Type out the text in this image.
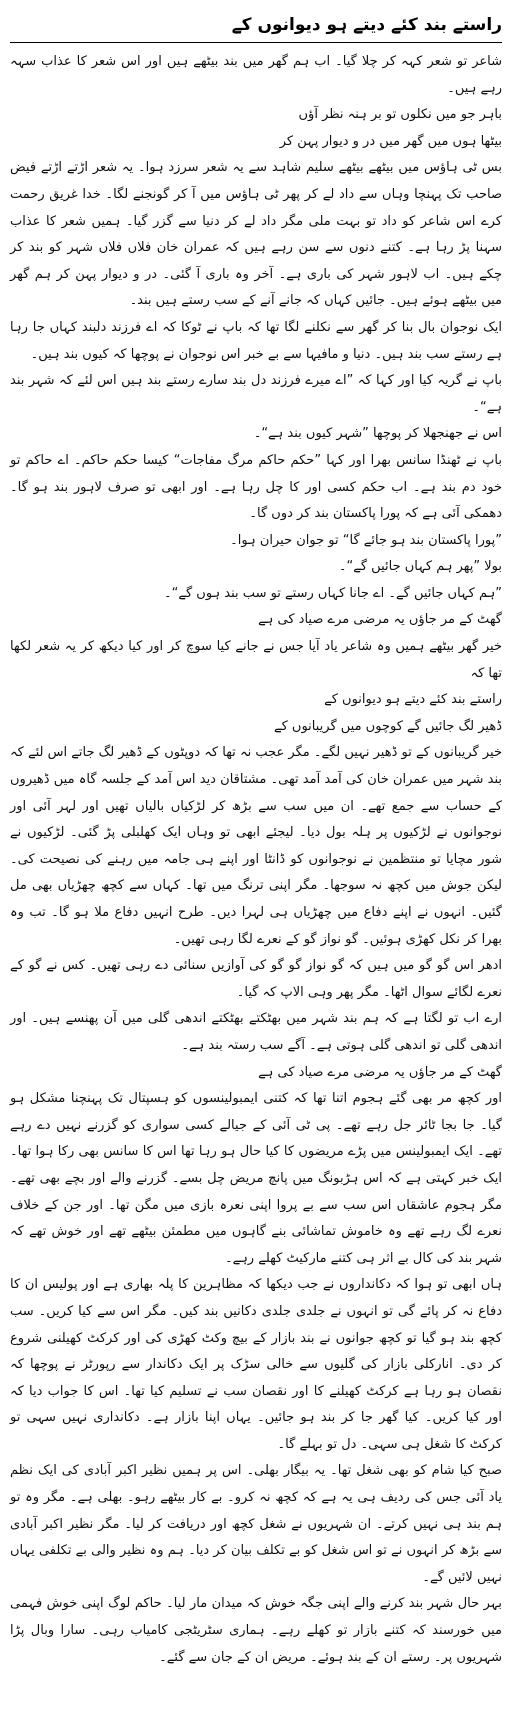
راستے بند کئے دیتے ہو دیوانوں کے

شاعر تو شعر کہہ کر چلا گیا۔ اب ہم گھر میں بند بیٹھے ہیں اور اس شعر کا عذاب سہہ رہے ہیں۔

باہر جو میں نکلوں تو بر ہنہ نظر آؤں

بیٹھا ہوں میں گھر میں در و دیوار پہن کر

بس ٹی ہاؤس میں بیٹھے بیٹھے سلیم شاہد سے یہ شعر سرزد ہوا۔ یہ شعر اڑتے اڑتے فیض صاحب تک پہنچا وہاں سے داد لے کر پھر ٹی ہاؤس میں آ کر گونجنے لگا۔ خدا غریق رحمت کرے اس شاعر کو داد تو بہت ملی مگر داد لے کر دنیا سے گزر گیا۔ ہمیں شعر کا عذاب سہنا پڑ رہا ہے۔ کتنے دنوں سے سن رہے ہیں کہ عمران خان فلاں فلاں شہر کو بند کر چکے ہیں۔ اب لاہور شہر کی باری ہے۔ آخر وہ باری آ گئی۔ در و دیوار پہن کر ہم گھر میں بیٹھے ہوئے ہیں۔ جائیں کہاں کہ جانے آنے کے سب رستے ہیں بند۔

ایک نوجوان بال بنا کر گھر سے نکلنے لگا تھا کہ باپ نے ٹوکا کہ اے فرزند دلبند کہاں جا رہا ہے رستے سب بند ہیں۔ دنیا و مافیہا سے بے خبر اس نوجوان نے پوچھا کہ کیوں بند ہیں۔

باپ نے گریہ کیا اور کہا کہ ”اے میرے فرزند دل بند سارے رستے بند ہیں اس لئے کہ شہر بند ہے“۔

اس نے جھنجھلا کر پوچھا ”شہر کیوں بند ہے“۔

باپ نے ٹھنڈا سانس بھرا اور کہا ”حکم حاکم مرگ مفاجات“ کیسا حکم حاکم۔ اے حاکم تو خود دم بند ہے۔ اب حکم کسی اور کا چل رہا ہے۔ اور ابھی تو صرف لاہور بند ہو گا۔ دھمکی آئی ہے کہ پورا پاکستان بند کر دوں گا۔

”پورا پاکستان بند ہو جائے گا“ تو جوان حیران ہوا۔

بولا ”پھر ہم کہاں جائیں گے“۔

”ہم کہاں جائیں گے۔ اے جانا کہاں رستے تو سب بند ہوں گے“۔

گھٹ کے مر جاؤں یہ مرضی مرے صیاد کی ہے

خیر گھر بیٹھے ہمیں وہ شاعر یاد آیا جس نے جانے کیا سوچ کر اور کیا دیکھ کر یہ شعر لکھا تھا کہ

راستے بند کئے دیتے ہو دیوانوں کے

ڈھیر لگ جائیں گے کوچوں میں گریبانوں کے

خیر گریبانوں کے تو ڈھیر نہیں لگے۔ مگر عجب نہ تھا کہ دوپٹوں کے ڈھیر لگ جاتے اس لئے کہ بند شہر میں عمران خان کی آمد آمد تھی۔ مشتاقان دید اس آمد کے جلسہ گاہ میں ڈھیروں کے حساب سے جمع تھے۔ ان میں سب سے بڑھ کر لڑکیاں بالیاں تھیں اور لہر آئی اور نوجوانوں نے لڑکیوں پر ہلہ بول دیا۔ لیجئے ابھی تو وہاں ایک کھلبلی پڑ گئی۔ لڑکیوں نے شور مچایا تو منتظمین نے نوجوانوں کو ڈانٹا اور اپنے ہی جامہ میں رہنے کی نصیحت کی۔ لیکن جوش میں کچھ نہ سوجھا۔ مگر اپنی ترنگ میں تھا۔ کہاں سے کچھ چھڑیاں بھی مل گئیں۔ انہوں نے اپنے دفاع میں چھڑیاں ہی لہرا دیں۔ طرح انہیں دفاع ملا ہو گا۔ تب وہ بھرا کر نکل کھڑی ہوئیں۔ گو نواز گو کے نعرے لگا رہی تھیں۔

ادھر اس گو گو میں ہیں کہ گو نواز گو گو کی آوازیں سنائی دے رہی تھیں۔ کس نے گو کے نعرے لگائے سوال اٹھا۔ مگر پھر وہی الاپ کہ گیا۔

ارے اب تو لگتا ہے کہ ہم بند شہر میں بھٹکتے بھٹکتے اندھی گلی میں آن پھنسے ہیں۔ اور اندھی گلی تو اندھی گلی ہوتی ہے۔ آگے سب رستہ بند ہے۔

گھٹ کے مر جاؤں یہ مرضی مرے صیاد کی ہے

اور کچھ مر بھی گئے ہجوم اتنا تھا کہ کتنی ایمبولینسوں کو ہسپتال تک پہنچنا مشکل ہو گیا۔ جا بجا ٹائر جل رہے تھے۔ پی ٹی آئی کے جیالے کسی سواری کو گزرنے نہیں دے رہے تھے۔ ایک ایمبولینس میں پڑے مریضوں کا کیا حال ہو رہا تھا اس کا سانس بھی رکا ہوا تھا۔ ایک خبر کہتی ہے کہ اس ہڑبونگ میں پانچ مریض چل بسے۔ گزرنے والے اور بچے بھی تھے۔ مگر ہجوم عاشقاں اس سب سے بے پروا اپنی نعرہ بازی میں مگن تھا۔ اور جن کے خلاف نعرے لگ رہے تھے وہ خاموش تماشائی بنے گاہوں میں مطمئن بیٹھے تھے اور خوش تھے کہ شہر بند کی کال بے اثر ہی کتنے مارکیٹ کھلے رہے۔

ہاں ابھی تو ہوا کہ دکانداروں نے جب دیکھا کہ مظاہرین کا پلہ بھاری ہے اور پولیس ان کا دفاع نہ کر پائے گی تو انہوں نے جلدی جلدی دکانیں بند کیں۔ مگر اس سے کیا کریں۔ سب کچھ بند ہو گیا تو کچھ جوانوں نے بند بازار کے بیچ وکٹ کھڑی کی اور کرکٹ کھیلنی شروع کر دی۔ انارکلی بازار کی گلیوں سے خالی سڑک پر ایک دکاندار سے رپورٹر نے پوچھا کہ نقصان ہو رہا ہے کرکٹ کھیلنے کا اور نقصان سب نے تسلیم کیا تھا۔ اس کا جواب دیا کہ اور کیا کریں۔ کیا گھر جا کر بند ہو جائیں۔ یہاں اپنا بازار ہے۔ دکانداری نہیں سہی تو کرکٹ کا شغل ہی سہی۔ دل تو بہلے گا۔

صبح کیا شام کو بھی شغل تھا۔ یہ بیگار بھلی۔ اس پر ہمیں نظیر اکبر آبادی کی ایک نظم یاد آئی جس کی ردیف ہی یہ ہے کہ کچھ نہ کرو۔ بے کار بیٹھے رہو۔ بھلی ہے۔ مگر وہ تو ہم بند ہی نہیں کرتے۔ ان شہریوں نے شغل کچھ اور دریافت کر لیا۔ مگر نظیر اکبر آبادی سے بڑھ کر انہوں نے تو اس شغل کو بے تکلف بیان کر دیا۔ ہم وہ نظیر والی بے تکلفی یہاں نہیں لائیں گے۔

بہر حال شہر بند کرنے والے اپنی جگہ خوش کہ میدان مار لیا۔ حاکم لوگ اپنی خوش فہمی میں خورسند کہ کتنے بازار تو کھلے رہے۔ ہماری سٹریٹجی کامیاب رہی۔ سارا وبال پڑا شہریوں پر۔ رستے ان کے بند ہوئے۔ مریض ان کے جان سے گئے۔
